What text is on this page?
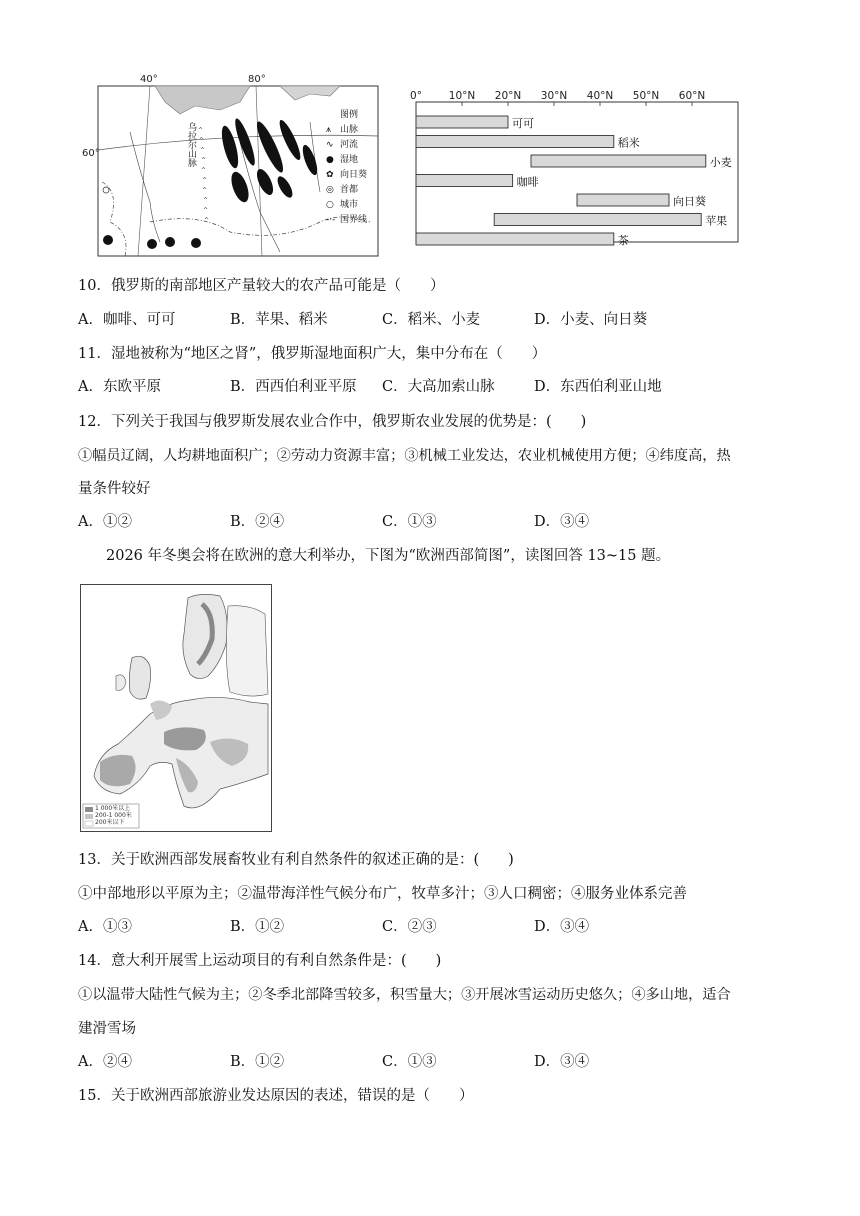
^
^
^
^
^
^
^
^
^
^
40°	80°
60°	乌拉尔山脉
图例
⩚ 山脉
∿ 河流
● 湿地
✿ 向日葵
◎ 首都
○ 城市
-·- 国界线
0°	10°N 20°N 30°N 40°N 50°N 60°N
可可
稻米
小麦
咖啡
向日葵
苹果
茶
10．俄罗斯的南部地区产量较大的农产品可能是（　　）
A．咖啡、可可	B．苹果、稻米	C．稻米、小麦	D．小麦、向日葵
11．湿地被称为“地区之肾”，俄罗斯湿地面积广大，集中分布在（　　）
A．东欧平原	B．西西伯利亚平原 C．大高加索山脉	D．东西伯利亚山地
12．下列关于我国与俄罗斯发展农业合作中，俄罗斯农业发展的优势是：(　　)
①幅员辽阔，人均耕地面积广；②劳动力资源丰富；③机械工业发达，农业机械使用方便；④纬度高，热
量条件较好
A．①②	B．②④	C．①③	D．③④
2026 年冬奥会将在欧洲的意大利举办，下图为“欧洲西部简图”，读图回答 13~15 题。
1 000米以上
200-1 000米
200米以下
13．关于欧洲西部发展畜牧业有利自然条件的叙述正确的是：(　　)
①中部地形以平原为主；②温带海洋性气候分布广，牧草多汁；③人口稠密；④服务业体系完善
A．①③	B．①②	C．②③	D．③④
14．意大利开展雪上运动项目的有利自然条件是：(　　)
①以温带大陆性气候为主；②冬季北部降雪较多，积雪量大；③开展冰雪运动历史悠久；④多山地，适合
建滑雪场
A．②④	B．①②	C．①③	D．③④
15．关于欧洲西部旅游业发达原因的表述，错误的是（　　）
